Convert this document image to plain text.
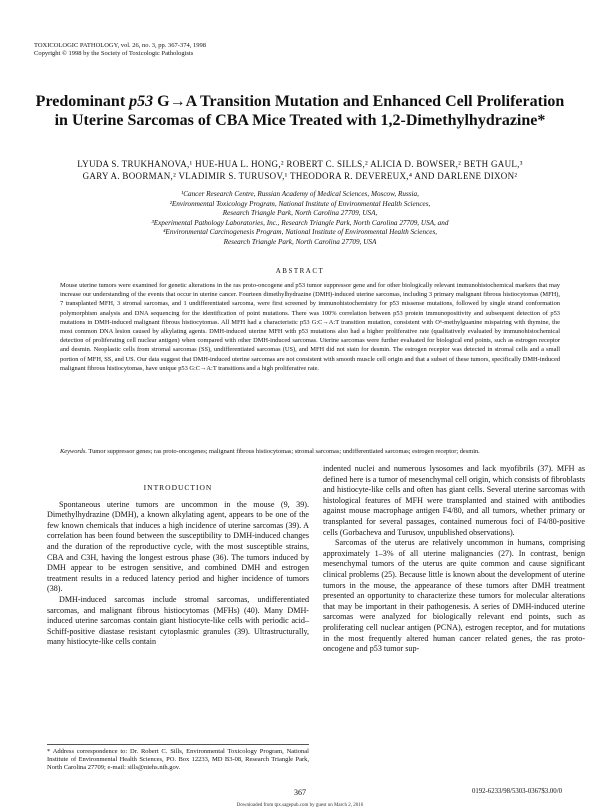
TOXICOLOGIC PATHOLOGY, vol. 26, no. 3, pp. 367-374, 1998
Copyright © 1998 by the Society of Toxicologic Pathologists
Predominant p53 G→A Transition Mutation and Enhanced Cell Proliferation in Uterine Sarcomas of CBA Mice Treated with 1,2-Dimethylhydrazine*
LYUDA S. TRUKHANOVA,¹ HUE-HUA L. HONG,² ROBERT C. SILLS,² ALICIA D. BOWSER,² BETH GAUL,³
GARY A. BOORMAN,² VLADIMIR S. TURUSOV,¹ THEODORA R. DEVEREUX,⁴ AND DARLENE DIXON²
¹Cancer Research Centre, Russian Academy of Medical Sciences, Moscow, Russia,
²Environmental Toxicology Program, National Institute of Environmental Health Sciences,
Research Triangle Park, North Carolina 27709, USA,
³Experimental Pathology Laboratories, Inc., Research Triangle Park, North Carolina 27709, USA, and
⁴Environmental Carcinogenesis Program, National Institute of Environmental Health Sciences,
Research Triangle Park, North Carolina 27709, USA
ABSTRACT
Mouse uterine tumors were examined for genetic alterations in the ras proto-oncogene and p53 tumor suppressor gene and for other biologically relevant immunohistochemical markers that may increase our understanding of the events that occur in uterine cancer. Fourteen dimethylhydrazine (DMH)-induced uterine sarcomas, including 3 primary malignant fibrous histiocytomas (MFH), 7 transplanted MFH, 3 stromal sarcomas, and 1 undifferentiated sarcoma, were first screened by immunohistochemistry for p53 missense mutations, followed by single strand conformation polymorphism analysis and DNA sequencing for the identification of point mutations. There was 100% correlation between p53 protein immunopositivity and subsequent detection of p53 mutations in DMH-induced malignant fibrous histiocytomas. All MFH had a characteristic p53 G:C→A:T transition mutation, consistent with O⁶-methylguanine mispairing with thymine, the most common DNA lesion caused by alkylating agents. DMH-induced uterine MFH with p53 mutations also had a higher proliferative rate (qualitatively evaluated by immunohistochemical detection of proliferating cell nuclear antigen) when compared with other DMH-induced sarcomas. Uterine sarcomas were further evaluated for biological end points, such as estrogen receptor and desmin. Neoplastic cells from stromal sarcomas (SS), undifferentiated sarcomas (US), and MFH did not stain for desmin. The estrogen receptor was detected in stromal cells and a small portion of MFH, SS, and US. Our data suggest that DMH-induced uterine sarcomas are not consistent with smooth muscle cell origin and that a subset of these tumors, specifically DMH-induced malignant fibrous histiocytomas, have unique p53 G:C→A:T transitions and a high proliferative rate.
Keywords. Tumor suppressor genes; ras proto-oncogenes; malignant fibrous histiocytomas; stromal sarcomas; undifferentiated sarcomas; estrogen receptor; desmin.
INTRODUCTION

Spontaneous uterine tumors are uncommon in the mouse (9, 39). Dimethylhydrazine (DMH), a known alkylating agent, appears to be one of the few known chemicals that induces a high incidence of uterine sarcomas (39). A correlation has been found between the susceptibility to DMH-induced changes and the duration of the reproductive cycle, with the most susceptible strains, CBA and C3H, having the longest estrous phase (36). The tumors induced by DMH appear to be estrogen sensitive, and combined DMH and estrogen treatment results in a reduced latency period and higher incidence of tumors (38).

DMH-induced sarcomas include stromal sarcomas, undifferentiated sarcomas, and malignant fibrous histiocytomas (MFHs) (40). Many DMH-induced uterine sarcomas contain giant histiocyte-like cells with periodic acid–Schiff-positive diastase resistant cytoplasmic granules (39). Ultrastructurally, many histiocyte-like cells contain

indented nuclei and numerous lysosomes and lack myofibrils (37). MFH as defined here is a tumor of mesenchymal cell origin, which consists of fibroblasts and histiocyte-like cells and often has giant cells. Several uterine sarcomas with histological features of MFH were transplanted and stained with antibodies against mouse macrophage antigen F4/80, and all tumors, whether primary or transplanted for several passages, contained numerous foci of F4/80-positive cells (Gorbacheva and Turusov, unpublished observations).

Sarcomas of the uterus are relatively uncommon in humans, comprising approximately 1–3% of all uterine malignancies (27). In contrast, benign mesenchymal tumors of the uterus are quite common and cause significant clinical problems (25). Because little is known about the development of uterine tumors in the mouse, the appearance of these tumors after DMH treatment presented an opportunity to characterize these tumors for molecular alterations that may be important in their pathogenesis. A series of DMH-induced uterine sarcomas were analyzed for biologically relevant end points, such as proliferating cell nuclear antigen (PCNA), estrogen receptor, and for mutations in the most frequently altered human cancer related genes, the ras proto-oncogene and p53 tumor sup-

* Address correspondence to: Dr. Robert C. Sills, Environmental Toxicology Program, National Institute of Environmental Health Sciences, PO. Box 12233, MD B3-08, Research Triangle Park, North Carolina 27709; e-mail: sills@niehs.nih.gov.
367	0192-6233/98/5303-0367$3.00/0
Downloaded from tpx.sagepub.com by guest on March 2, 2016
